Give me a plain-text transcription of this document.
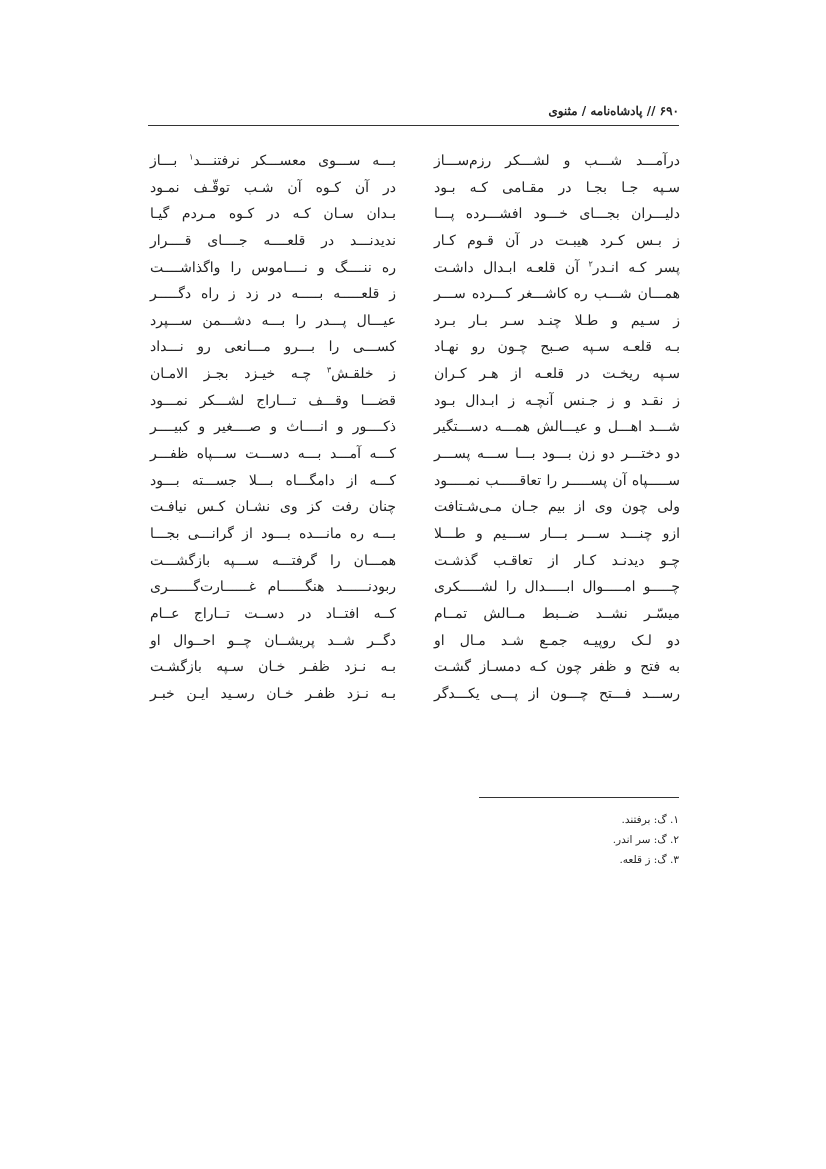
۶۹۰ // پادشاه‌نامه / مثنوی
درآمـــد شـــب و لشـــکر رزم‌ســـاز
بـــه ســـوی معســـکر نرفتنـــد$^۱$ بـــاز
سـپه جـا بجـا در مقـامی کـه بـود
در آن کـوه آن شـب توقّـف نمـود
دلیـــران بجـــای خـــود افشـــرده پـــا
بـدان سـان کـه در کـوه مـردم گیـا
ز بـس کـرد هیبـت در آن قـوم کـار
ندیدنـــد در قلعــــه جــــای قــــرار
پسر کـه انـدر$^۲$ آن قلعـه ابـدال داشـت
ره ننــــگ و نــــاموس را واگذاشــــت
همـــان شـــب ره کاشـــغر کـــرده ســـر
ز قلعـــــه بـــــه در زد ز راه دگـــــر
ز سـیم و طـلا چنـد سـر بـار بـرد
عیـــال پـــدر را بـــه دشـــمن ســـپرد
بـه قلعـه سـپه صـبح چـون رو نهـاد
کســـی را بـــرو مـــانعی رو نـــداد
سـپه ریخـت در قلعـه از هـر کـران
ز خلقـش$^۳$ چـه خیـزد بجـز الامـان
ز نقـد و ز جـنس آنچـه ز ابـدال بـود
قضـــا وقـــف تـــاراج لشـــکر نمـــود
شـــد اهـــل و عیـــالش همـــه دســـتگیر
ذکــــور و انــــاث و صــــغیر و کبیــــر
دو دختـــر دو زن بـــود بـــا ســـه پســـر
کـــه آمـــد بـــه دســـت ســـپاه ظفـــر
ســـــپاه آن پســـــر را تعاقـــــب نمـــــود
کـــه از دامگـــاه بـــلا جســـته بـــود
ولی چون وی از بیم جـان مـی‌شـتافت
چنان رفت کز وی نشـان کـس نیافـت
ازو چنـــد ســـر بـــار ســـیم و طـــلا
بـــه ره مانـــده بـــود از گرانـــی بجـــا
چـو دیدنـد کـار از تعاقـب گذشـت
همـــان را گرفتـــه ســـپه بازگشـــت
چـــــو امـــــوال ابـــــدال را لشـــــکری
ربودنــــــد هنگــــــام غــــــارت‌گــــــری
میسّـر نشــد ضــبط مــالش تمــام
کــه افتــاد در دســت تــاراج عــام
دو لـک روپیـه جمـع شـد مـال او
دگــر شــد پریشــان چــو احــوال او
به فتح و ظفر چون کـه دمسـاز گشـت
بـه نـزد ظفـر خـان سـپه بازگشـت
رســـد فـــتح چـــون از پـــی یکـــدگر
بـه نـزد ظفـر خـان رسـید ایـن خبـر
۱. گ: برفتند.
۲. گ: سر اندر.
۳. گ: ز قلعه.
